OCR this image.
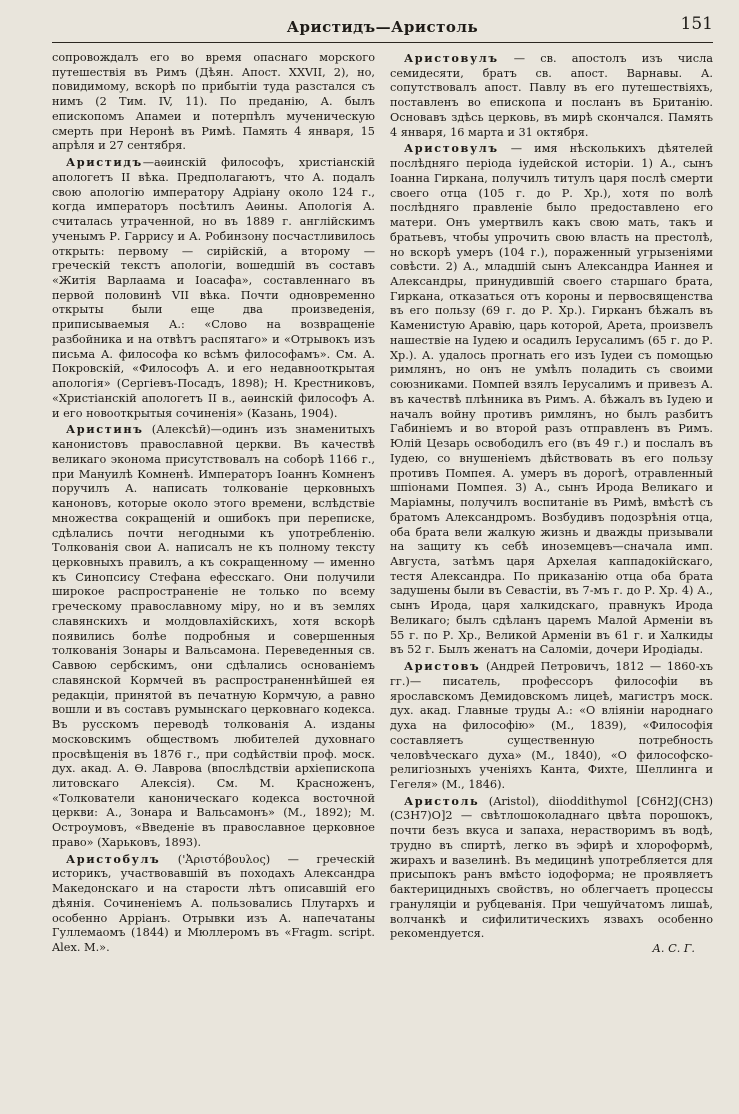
Аристидъ—Аристоль	151

сопровождалъ его во время опаснаго морского путешествія въ Римъ (Дѣян. Апост. XXVII, 2), но, повидимому, вскорѣ по прибытіи туда разстался съ нимъ (2 Тим. IV, 11). По преданію, А. былъ епископомъ Апамеи и потерпѣлъ мученическую смерть при Неронѣ въ Римѣ. Память 4 января, 15 апрѣля и 27 сентября.

Аристидъ—аѳинскій философъ, христіанскій апологетъ II вѣка. Предполагаютъ, что А. подалъ свою апологію императору Адріану около 124 г., когда императоръ посѣтилъ Аѳины. Апологія А. считалась утраченной, но въ 1889 г. англійскимъ ученымъ Р. Гаррису и А. Робинзону посчастливилось открыть: первому — сирійскій, а второму — греческій текстъ апологіи, вошедшій въ составъ «Житія Варлаама и Іоасафа», составленнаго въ первой половинѣ VII вѣка. Почти одновременно открыты были еще два произведенія, приписываемыя А.: «Слово на возвращеніе разбойника и на отвѣтъ распятаго» и «Отрывокъ изъ письма А. философа ко всѣмъ философамъ». См. А. Покровскій, «Философъ А. и его недавнооткрытая апологія» (Сергіевъ-Посадъ, 1898); Н. Крестниковъ, «Христіанскій апологетъ II в., аѳинскій философъ А. и его новооткрытыя сочиненія» (Казань, 1904).

Аристинъ (Алексѣй)—одинъ изъ знаменитыхъ канонистовъ православной церкви. Въ качествѣ великаго эконома присутствовалъ на соборѣ 1166 г., при Мануилѣ Комненѣ. Императоръ Іоаннъ Комненъ поручилъ А. написать толкованіе церковныхъ каноновъ, которые около этого времени, вслѣдствіе множества сокращеній и ошибокъ при переписке, сдѣлались почти негодными къ употребленію. Толкованія свои А. написалъ не къ полному тексту церковныхъ правилъ, а къ сокращенному — именно къ Синопсису Стефана ефесскаго. Они получили широкое распространеніе не только по всему греческому православному міру, но и въ землях славянскихъ и молдовлахійскихъ, хотя вскорѣ появились болѣе подробныя и совершенныя толкованія Зонары и Вальсамона. Переведенныя св. Саввою сербскимъ, они сдѣлались основаніемъ славянской Кормчей въ распространеннѣйшей ея редакціи, принятой въ печатную Кормчую, а равно вошли и въ составъ румынскаго церковнаго кодекса. Въ русскомъ переводѣ толкованія А. изданы московскимъ обществомъ любителей духовнаго просвѣщенія въ 1876 г., при содѣйствіи проф. моск. дух. акад. А. Ѳ. Лаврова (впослѣдствіи архіепископа литовскаго Алексія). См. М. Красноженъ, «Толкователи каноническаго кодекса восточной церкви: А., Зонара и Вальсамонъ» (М., 1892); М. Остроумовъ, «Введеніе въ православное церковное право» (Харьковъ, 1893).

Аристобулъ ('Ἀριστόβουλος) — греческій историкъ, участвовавшій въ походахъ Александра Македонскаго и на старости лѣтъ описавшій его дѣянія. Сочиненіемъ А. пользовались Плутархъ и особенно Арріанъ. Отрывки изъ А. напечатаны Гуллемаомъ (1844) и Мюллеромъ въ «Fragm. script. Alex. M.».

Аристовулъ — св. апостолъ изъ числа семидесяти, братъ св. апост. Варнавы. А. сопутствовалъ апост. Павлу въ его путешествіяхъ, поставленъ во епископа и посланъ въ Британію. Основавъ здѣсь церковь, въ мирѣ скончался. Память 4 января, 16 марта и 31 октября.

Аристовулъ — имя нѣсколькихъ дѣятелей послѣдняго періода іудейской исторіи. 1) А., сынъ Іоанна Гиркана, получилъ титулъ царя послѣ смерти своего отца (105 г. до Р. Хр.), хотя по волѣ послѣдняго правленіе было предоставлено его матери. Онъ умертвилъ какъ свою мать, такъ и братьевъ, чтобы упрочить свою власть на престолѣ, но вскорѣ умеръ (104 г.), пораженный угрызеніями совѣсти. 2) А., младшій сынъ Александра Ианнея и Александры, принудившій своего старшаго брата, Гиркана, отказаться отъ короны и первосвященства въ его пользу (69 г. до Р. Хр.). Гирканъ бѣжалъ въ Каменистую Аравію, царь которой, Арета, произвелъ нашествіе на Іудею и осадилъ Іерусалимъ (65 г. до Р. Хр.). А. удалось прогнать его изъ Іудеи съ помощью римлянъ, но онъ не умѣлъ поладить съ своими союзниками. Помпей взялъ Іерусалимъ и привезъ А. въ качествѣ плѣнника въ Римъ. А. бѣжалъ въ Іудею и началъ войну противъ римлянъ, но былъ разбитъ Габиніемъ и во второй разъ отправленъ въ Римъ. Юлій Цезарь освободилъ его (въ 49 г.) и послалъ въ Іудею, со внушеніемъ дѣйствовать въ его пользу противъ Помпея. А. умеръ въ дорогѣ, отравленный шпіонами Помпея. 3) А., сынъ Ирода Великаго и Маріамны, получилъ воспитаніе въ Римѣ, вмѣстѣ съ братомъ Александромъ. Возбудивъ подозрѣнія отца, оба брата вели жалкую жизнь и дважды призывали на защиту къ себѣ иноземцевъ—сначала имп. Августа, затѣмъ царя Архелая каппадокійскаго, тестя Александра. По приказанію отца оба брата задушены были въ Севастіи, въ 7-мъ г. до Р. Хр. 4) А., сынъ Ирода, царя халкидскаго, правнукъ Ирода Великаго; былъ сдѣланъ царемъ Малой Арменіи въ 55 г. по Р. Хр., Великой Арменіи въ 61 г. и Халкиды въ 52 г. Былъ женатъ на Саломіи, дочери Иродіады.

Аристовъ (Андрей Петровичъ, 1812 — 1860-хъ гг.)— писатель, профессоръ философіи въ ярославскомъ Демидовскомъ лицеѣ, магистръ моск. дух. акад. Главные труды А.: «О вліяніи народнаго духа на философію» (М., 1839), «Философія составляетъ существенную потребность человѣческаго духа» (М., 1840), «О философско-религіозныхъ ученіяхъ Канта, Фихте, Шеллинга и Гегеля» (М., 1846).

Аристоль (Aristol), diioddithymol [C6H2J(CH3)(C3H7)O]2 — свѣтлошоколаднаго цвѣта порошокъ, почти безъ вкуса и запаха, нерастворимъ въ водѣ, трудно въ спиртѣ, легко въ эфирѣ и хлороформѣ, жирахъ и вазелинѣ. Въ медицинѣ употребляется для присыпокъ ранъ вмѣсто іодоформа; не проявляетъ бактерицидныхъ свойствъ, но облегчаетъ процессы грануляціи и рубцеванія. При чешуйчатомъ лишаѣ, волчанкѣ и сифилитическихъ язвахъ особенно рекомендуется.

А. С. Г.
